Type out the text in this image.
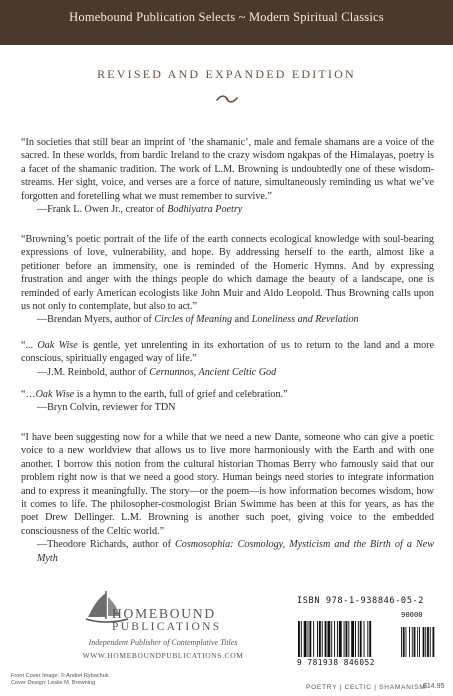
Homebound Publication Selects ~ Modern Spiritual Classics
REVISED AND EXPANDED EDITION

“In societies that still bear an imprint of ‘the shamanic’, male and female shamans are a voice of the sacred. In these worlds, from bardic Ireland to the crazy wisdom ngakpas of the Himalayas, poetry is a facet of the shamanic tradition. The work of L.M. Browning is undoubtedly one of these wisdom-streams. Her sight, voice, and verses are a force of nature, simultaneously reminding us what we’ve forgotten and foretelling what we must remember to survive.”

—Frank L. Owen Jr., creator of Bodhiyatra Poetry

“Browning’s poetic portrait of the life of the earth connects ecological knowledge with soul-bearing expressions of love, vulnerability, and hope. By addressing herself to the earth, almost like a petitioner before an immensity, one is reminded of the Homeric Hymns. And by expressing frustration and anger with the things people do which damage the beauty of a landscape, one is reminded of early American ecologists like John Muir and Aldo Leopold. Thus Browning calls upon us not only to contemplate, but also to act.”

—Brendan Myers, author of Circles of Meaning and Loneliness and Revelation

“... Oak Wise is gentle, yet unrelenting in its exhortation of us to return to the land and a more conscious, spiritually engaged way of life.”

—J.M. Reinbold, author of Cernunnos, Ancient Celtic God

“…Oak Wise is a hymn to the earth, full of grief and celebration.”

—Bryn Colvin, reviewer for TDN

“I have been suggesting now for a while that we need a new Dante, someone who can give a poetic voice to a new worldview that allows us to live more harmoniously with the Earth and with one another. I borrow this notion from the cultural historian Thomas Berry who famously said that our problem right now is that we need a good story. Human beings need stories to integrate information and to express it meaningfully. The story—or the poem—is how information becomes wisdom, how it comes to life. The philosopher-cosmologist Brian Swimme has been at this for years, as has the poet Drew Dellinger. L.M. Browning is another such poet, giving voice to the embedded consciousness of the Celtic world.”

—Theodore Richards, author of Cosmosophia: Cosmology, Mysticism and the Birth of a New Myth

HOMEBOUND
PUBLICATIONS
Independent Publisher of Contemplative Titles
WWW.HOMEBOUNDPUBLICATIONS.COM
Front Cover Image: © Andrei Rybachuk
Cover Design: Leslie M. Browning
ISBN 978-1-938846-05-2
90000
9 781938 846052
POETRY | CELTIC | SHAMANISM
$14.95
